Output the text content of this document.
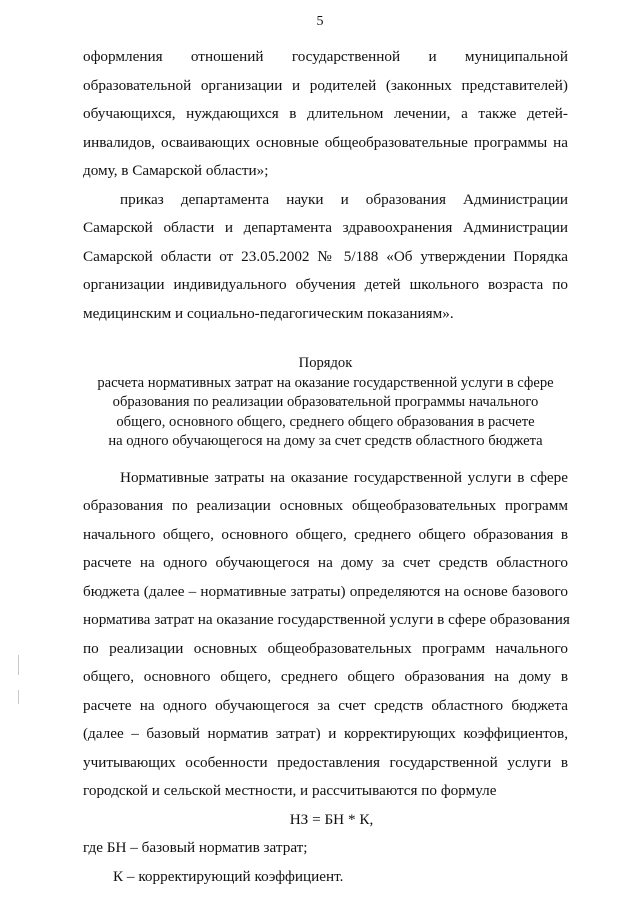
5
оформления отношений государственной и муниципальной
образовательной организации и родителей (законных представителей)
обучающихся, нуждающихся в длительном лечении, а также детей-
инвалидов, осваивающих основные общеобразовательные программы на
дому, в Самарской области»;
приказ департамента науки и образования Администрации
Самарской области и департамента здравоохранения Администрации
Самарской области от 23.05.2002 № 5/188 «Об утверждении Порядка
организации индивидуального обучения детей школьного возраста по
медицинским и социально-педагогическим показаниям».
Порядок
расчета нормативных затрат на оказание государственной услуги в сфере
образования по реализации образовательной программы начального
общего, основного общего, среднего общего образования в расчете
на одного обучающегося на дому за счет средств областного бюджета
Нормативные затраты на оказание государственной услуги в сфере
образования по реализации основных общеобразовательных программ
начального общего, основного общего, среднего общего образования в
расчете на одного обучающегося на дому за счет средств областного
бюджета (далее – нормативные затраты) определяются на основе базового
норматива затрат на оказание государственной услуги в сфере образования
по реализации основных общеобразовательных программ начального
общего, основного общего, среднего общего образования на дому в
расчете на одного обучающегося за счет средств областного бюджета
(далее – базовый норматив затрат) и корректирующих коэффициентов,
учитывающих особенности предоставления государственной услуги в
городской и сельской местности, и рассчитываются по формуле
НЗ = БН * К,
где БН – базовый норматив затрат;
К – корректирующий коэффициент.
